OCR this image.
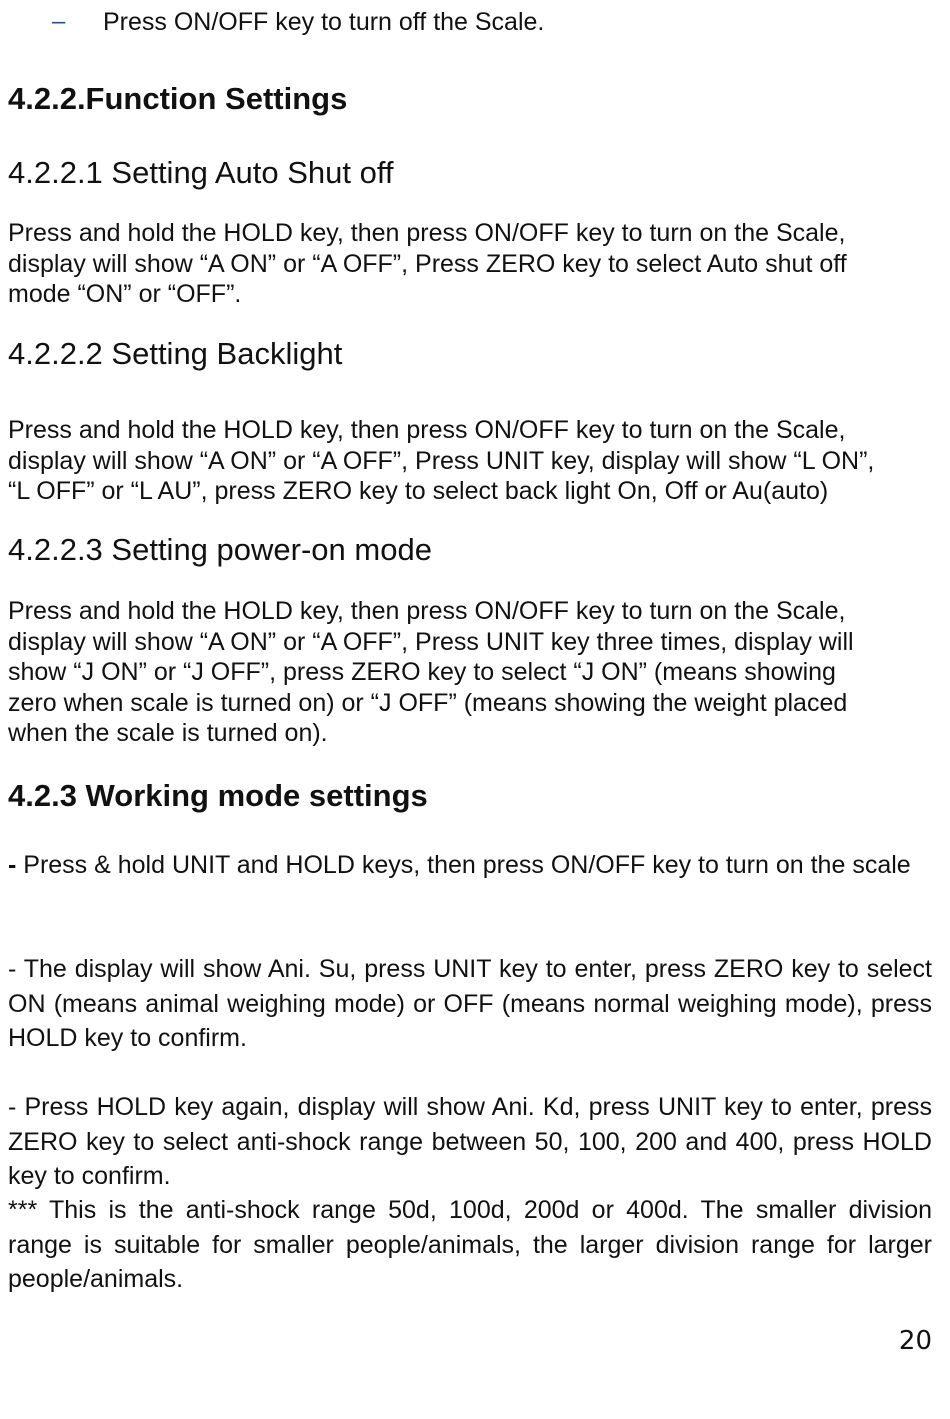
– Press ON/OFF key to turn off the Scale.
4.2.2.Function Settings
4.2.2.1 Setting Auto Shut off
Press and hold the HOLD key, then press ON/OFF key to turn on the Scale,
display will show “A ON” or “A OFF”, Press ZERO key to select Auto shut off
mode “ON” or “OFF”.
4.2.2.2 Setting Backlight
Press and hold the HOLD key, then press ON/OFF key to turn on the Scale,
display will show “A ON” or “A OFF”, Press UNIT key, display will show “L ON”,
“L OFF” or “L AU”, press ZERO key to select back light On, Off or Au(auto)
4.2.2.3 Setting power-on mode
Press and hold the HOLD key, then press ON/OFF key to turn on the Scale,
display will show “A ON” or “A OFF”, Press UNIT key three times, display will
show “J ON” or “J OFF”, press ZERO key to select “J ON” (means showing
zero when scale is turned on) or “J OFF” (means showing the weight placed
when the scale is turned on).
4.2.3 Working mode settings
- Press & hold UNIT and HOLD keys, then press ON/OFF key to turn on the scale
- The display will show Ani. Su, press UNIT key to enter, press ZERO key to select ON (means animal weighing mode) or OFF (means normal weighing mode), press HOLD key to confirm.
- Press HOLD key again, display will show Ani. Kd, press UNIT key to enter, press ZERO key to select anti-shock range between 50, 100, 200 and 400, press HOLD key to confirm.
*** This is the anti-shock range 50d, 100d, 200d or 400d. The smaller division range is suitable for smaller people/animals, the larger division range for larger people/animals.
20
